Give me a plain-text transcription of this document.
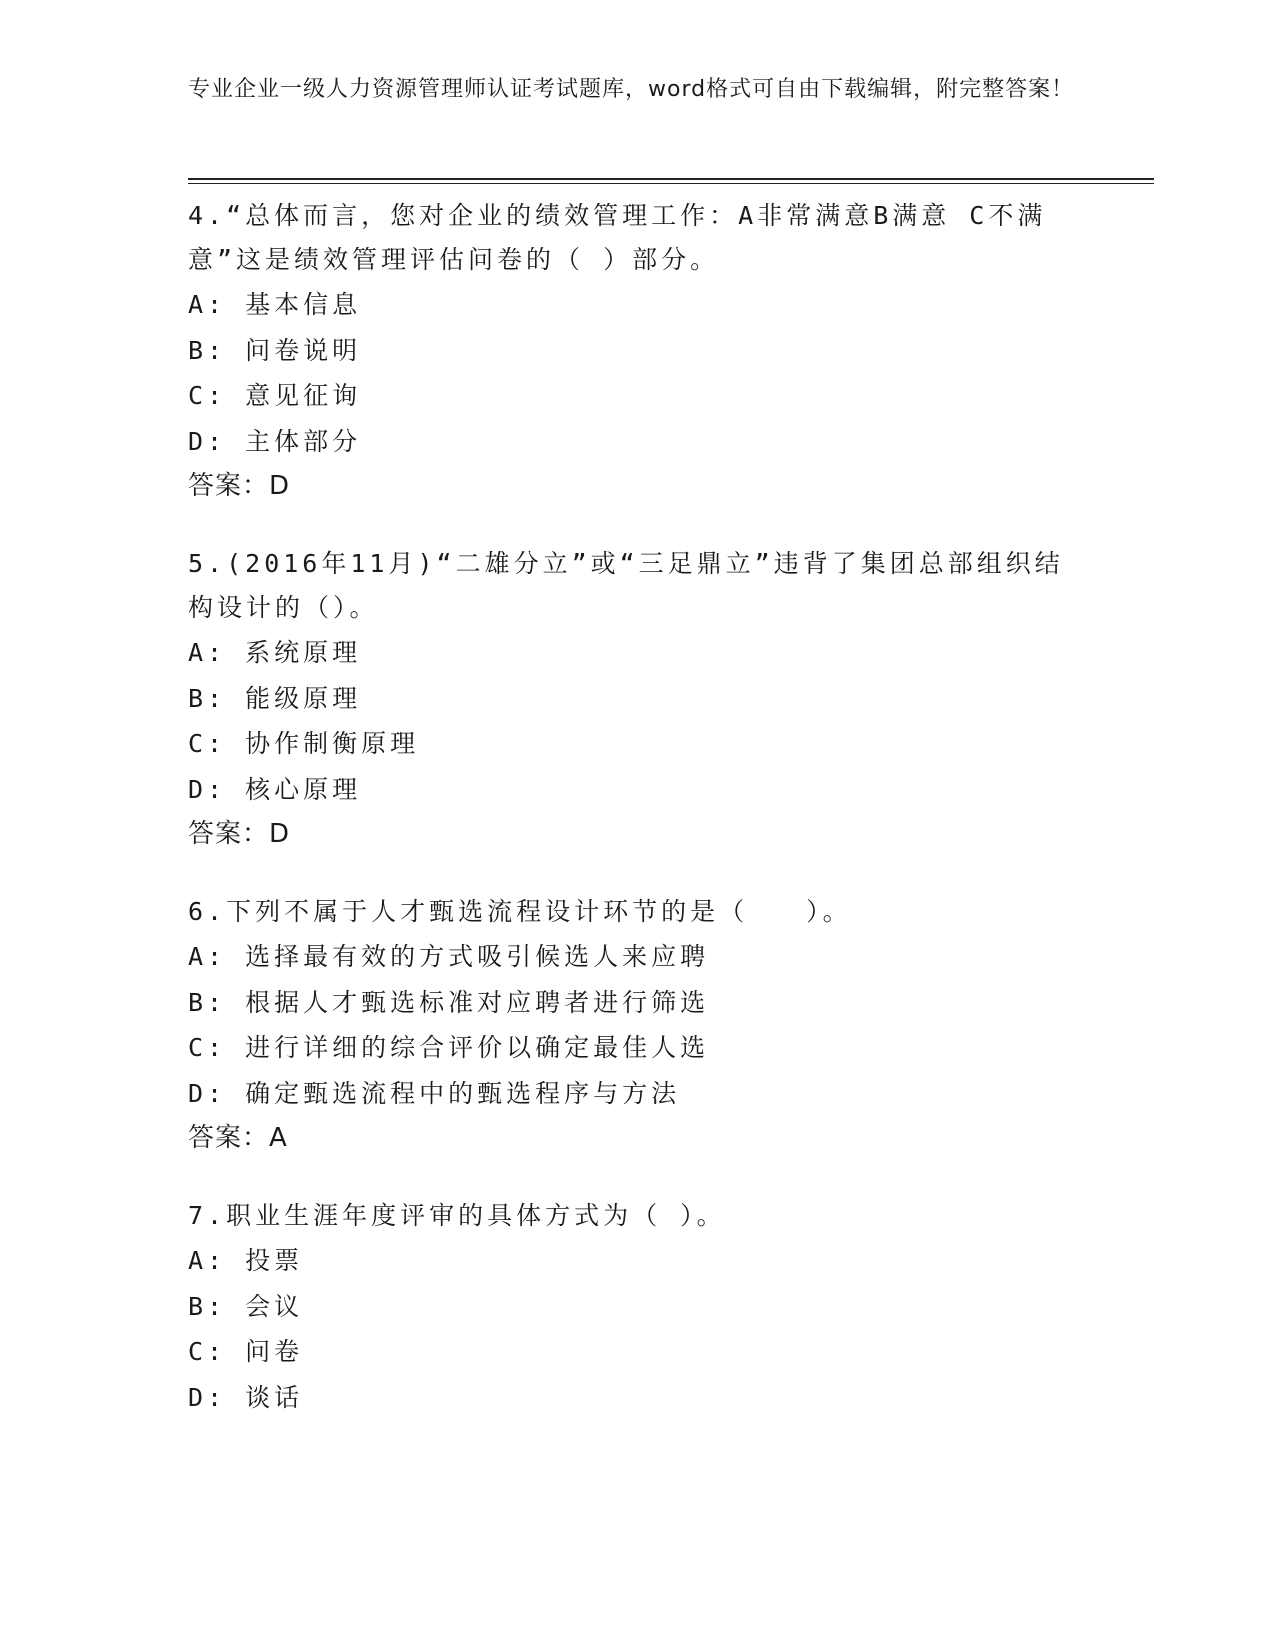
专业企业一级人力资源管理师认证考试题库，word格式可自由下载编辑，附完整答案！
4.“总体而言，您对企业的绩效管理工作：A非常满意B满意 C不满意”这是绩效管理评估问卷的（ ）部分。
A: 基本信息
B: 问卷说明
C: 意见征询
D: 主体部分
答案：D
5.(2016年11月)“二雄分立”或“三足鼎立”违背了集团总部组织结构设计的（）。
A: 系统原理
B: 能级原理
C: 协作制衡原理
D: 核心原理
答案：D
6.下列不属于人才甄选流程设计环节的是（　　）。
A: 选择最有效的方式吸引候选人来应聘
B: 根据人才甄选标准对应聘者进行筛选
C: 进行详细的综合评价以确定最佳人选
D: 确定甄选流程中的甄选程序与方法
答案：A
7.职业生涯年度评审的具体方式为（ ）。
A: 投票
B: 会议
C: 问卷
D: 谈话
